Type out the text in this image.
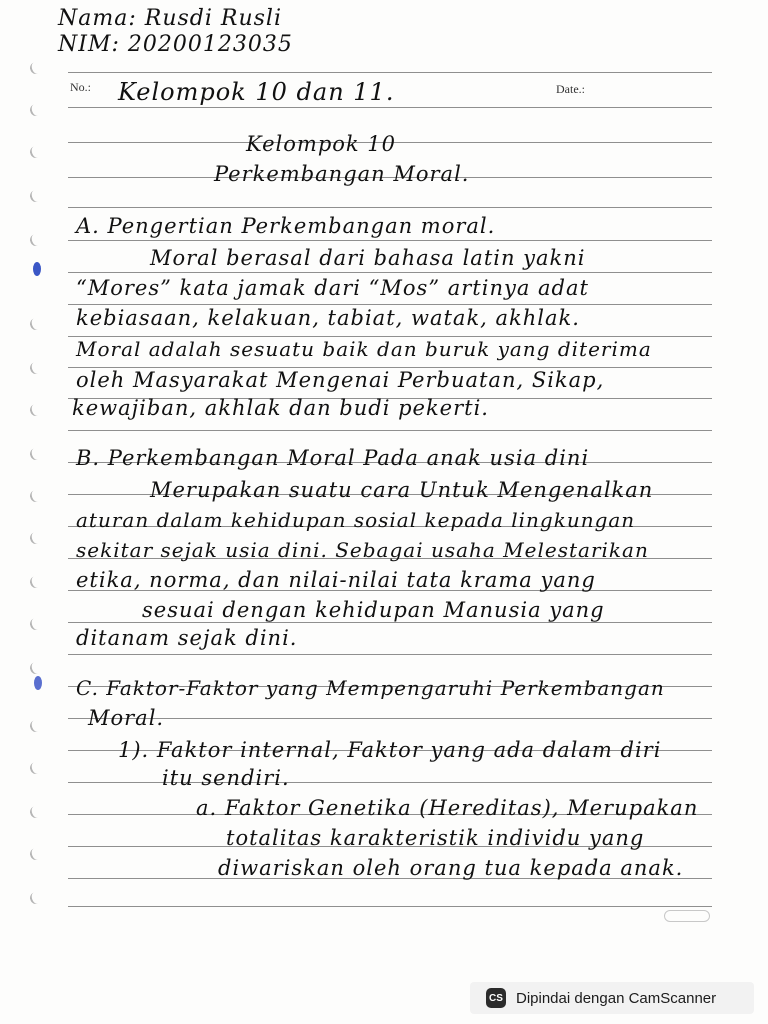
Nama: Rusdi Rusli
NIM: 20200123035
No.:	Date.:
Kelompok 10 dan 11.
Kelompok 10
Perkembangan Moral.
A. Pengertian Perkembangan moral.
Moral berasal dari bahasa latin yakni
“Mores” kata jamak dari “Mos” artinya adat
kebiasaan, kelakuan, tabiat, watak, akhlak.
Moral adalah sesuatu baik dan buruk yang diterima
oleh Masyarakat Mengenai Perbuatan, Sikap,
kewajiban, akhlak dan budi pekerti.
B. Perkembangan Moral Pada anak usia dini
Merupakan suatu cara Untuk Mengenalkan
aturan dalam kehidupan sosial kepada lingkungan
sekitar sejak usia dini. Sebagai usaha Melestarikan
etika, norma, dan nilai-nilai tata krama yang
sesuai dengan kehidupan Manusia yang
ditanam sejak dini.
C. Faktor-Faktor yang Mempengaruhi Perkembangan
Moral.
1). Faktor internal, Faktor yang ada dalam diri
itu sendiri.
a. Faktor Genetika (Hereditas), Merupakan
totalitas karakteristik individu yang
diwariskan oleh orang tua kepada anak.
CS Dipindai dengan CamScanner
